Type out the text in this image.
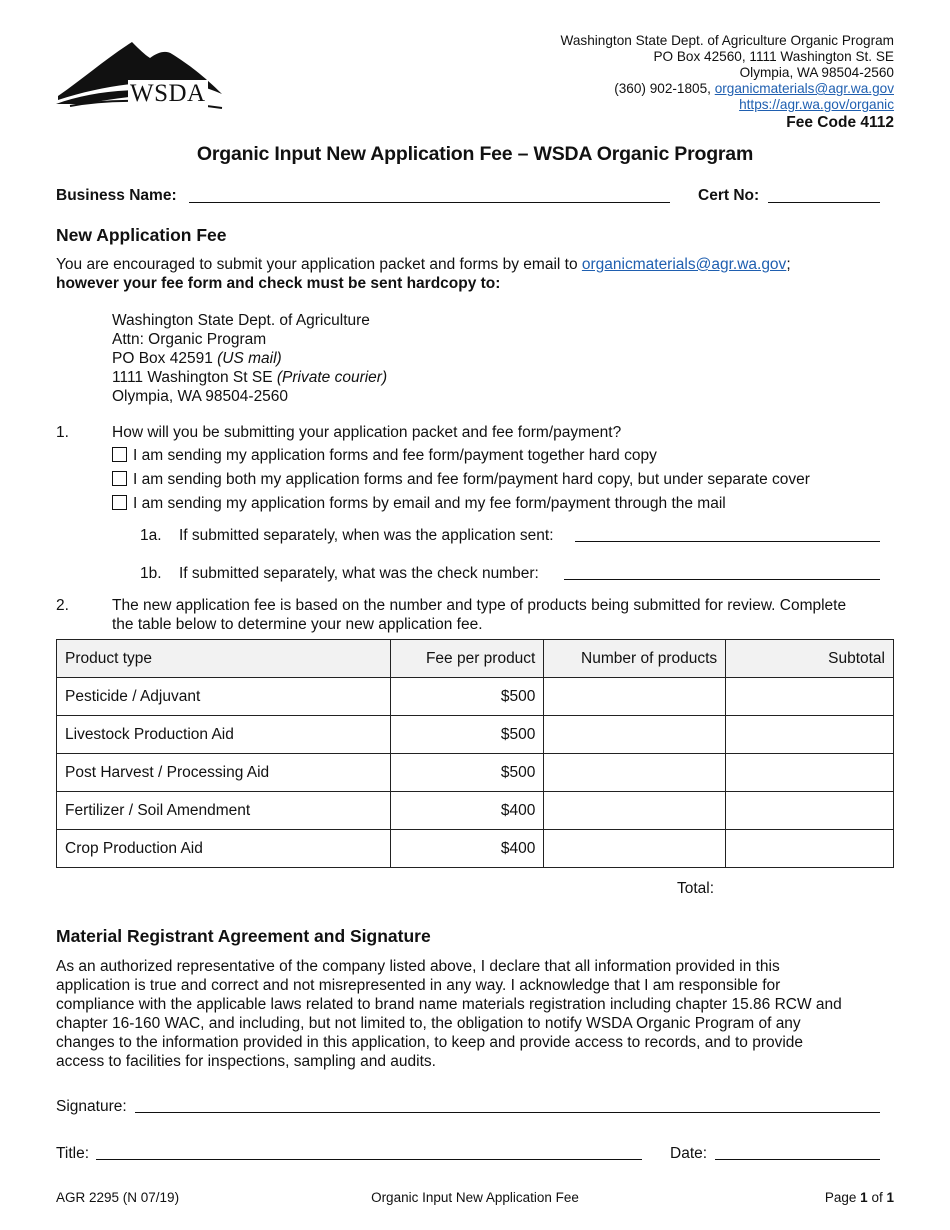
WSDA
Washington State Dept. of Agriculture Organic Program
PO Box 42560, 1111 Washington St. SE
Olympia, WA 98504-2560
(360) 902-1805, organicmaterials@agr.wa.gov
https://agr.wa.gov/organic
Fee Code 4112
Organic Input New Application Fee – WSDA Organic Program
Business Name:	Cert No:
New Application Fee
You are encouraged to submit your application packet and forms by email to organicmaterials@agr.wa.gov;
however your fee form and check must be sent hardcopy to:
Washington State Dept. of Agriculture
Attn: Organic Program
PO Box 42591 (US mail)
1111 Washington St SE (Private courier)
Olympia, WA 98504-2560
1.	How will you be submitting your application packet and fee form/payment?
I am sending my application forms and fee form/payment together hard copy
I am sending both my application forms and fee form/payment hard copy, but under separate cover
I am sending my application forms by email and my fee form/payment through the mail
1a. If submitted separately, when was the application sent:
1b. If submitted separately, what was the check number:
2.	The new application fee is based on the number and type of products being submitted for review. Complete
the table below to determine your new application fee.
Product type	Fee per product	Number of products	Subtotal
Pesticide / Adjuvant	$500		
Livestock Production Aid	$500		
Post Harvest / Processing Aid	$500		
Fertilizer / Soil Amendment	$400		
Crop Production Aid	$400		
Total:
Material Registrant Agreement and Signature
As an authorized representative of the company listed above, I declare that all information provided in this
application is true and correct and not misrepresented in any way. I acknowledge that I am responsible for
compliance with the applicable laws related to brand name materials registration including chapter 15.86 RCW and
chapter 16-160 WAC, and including, but not limited to, the obligation to notify WSDA Organic Program of any
changes to the information provided in this application, to keep and provide access to records, and to provide
access to facilities for inspections, sampling and audits.
Signature:
Title:	Date:
AGR 2295 (N 07/19)	Organic Input New Application Fee	Page 1 of 1
